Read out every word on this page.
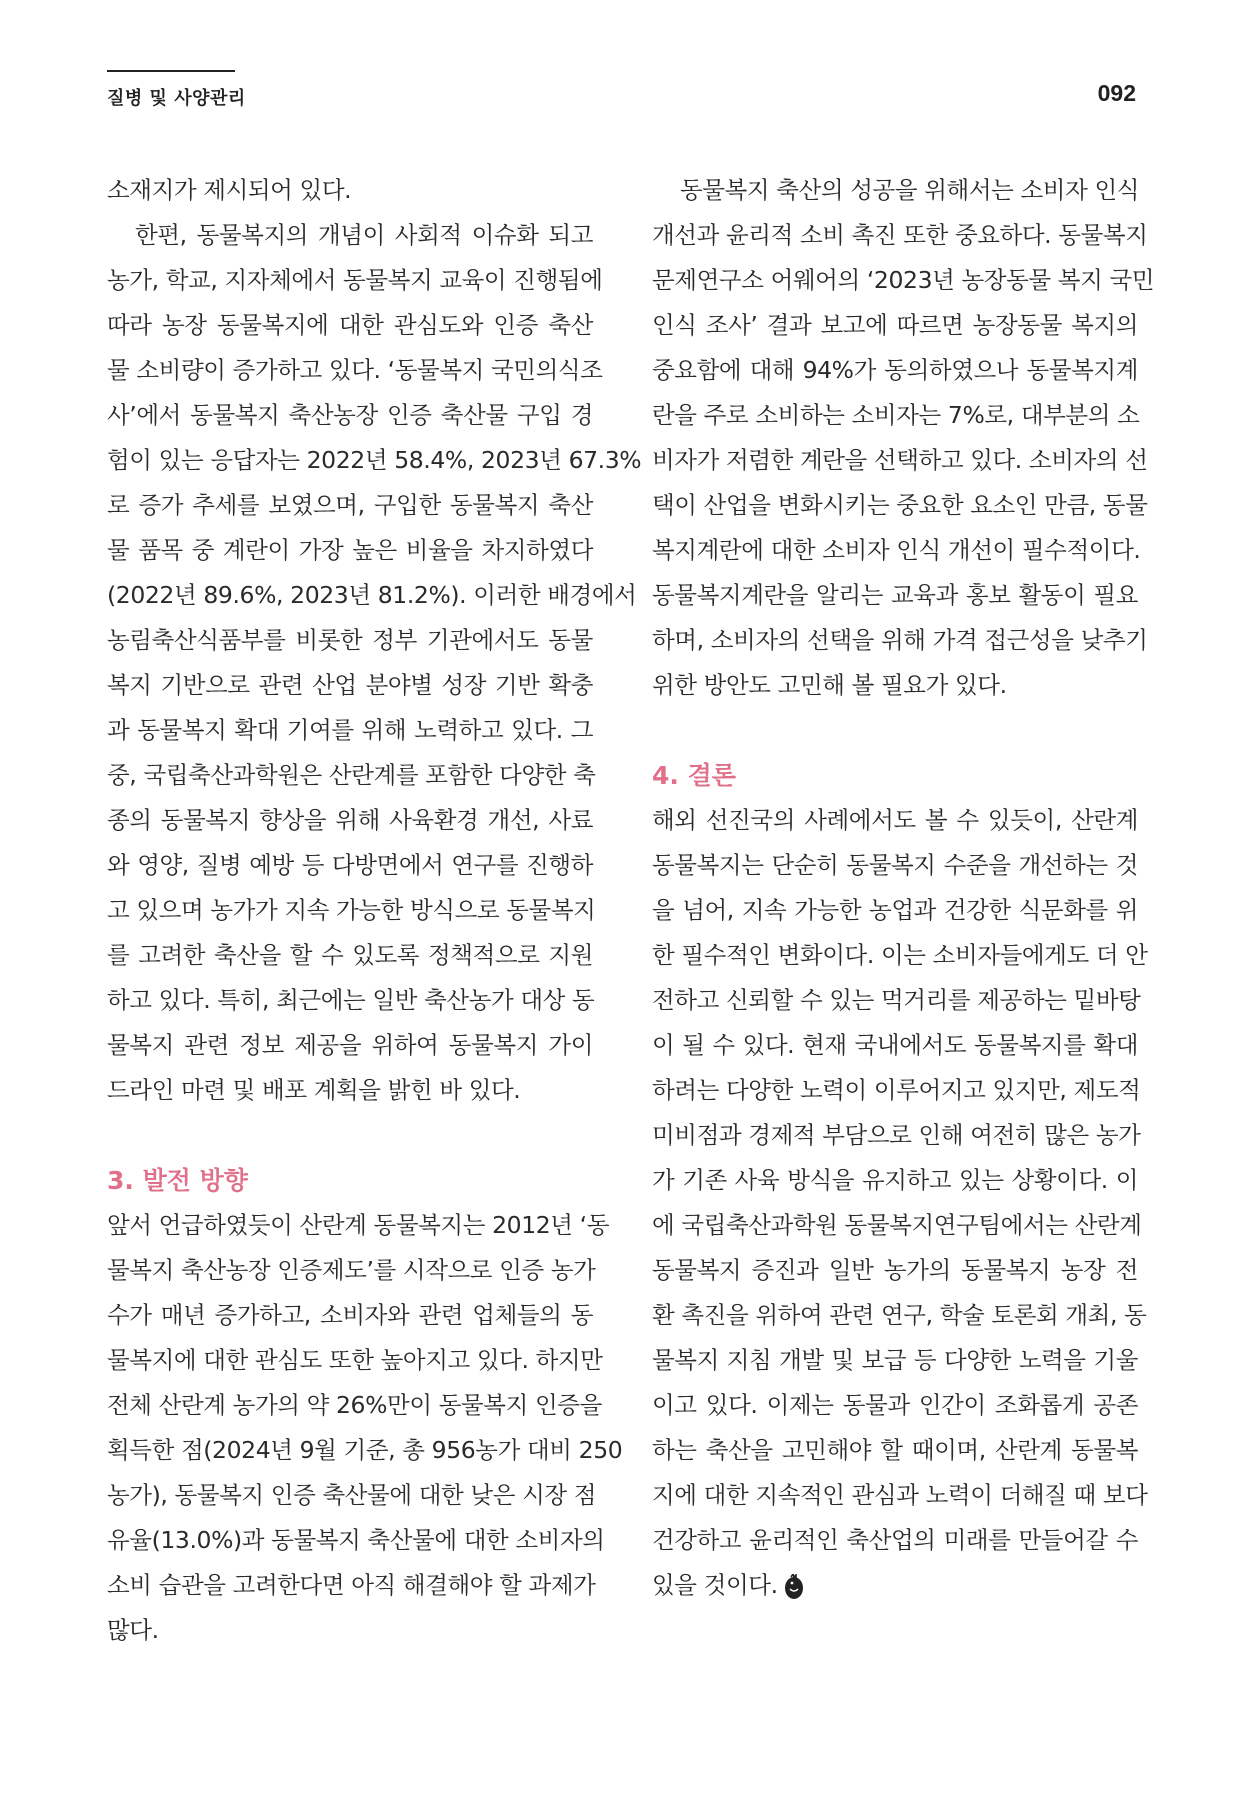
질병 및 사양관리	092
소재지가 제시되어 있다.
한편, 동물복지의 개념이 사회적 이슈화 되고
농가, 학교, 지자체에서 동물복지 교육이 진행됨에
따라 농장 동물복지에 대한 관심도와 인증 축산
물 소비량이 증가하고 있다. ‘동물복지 국민의식조
사’에서 동물복지 축산농장 인증 축산물 구입 경
험이 있는 응답자는 2022년 58.4%, 2023년 67.3%
로 증가 추세를 보였으며, 구입한 동물복지 축산
물 품목 중 계란이 가장 높은 비율을 차지하였다
(2022년 89.6%, 2023년 81.2%). 이러한 배경에서
농림축산식품부를 비롯한 정부 기관에서도 동물
복지 기반으로 관련 산업 분야별 성장 기반 확충
과 동물복지 확대 기여를 위해 노력하고 있다. 그
중, 국립축산과학원은 산란계를 포함한 다양한 축
종의 동물복지 향상을 위해 사육환경 개선, 사료
와 영양, 질병 예방 등 다방면에서 연구를 진행하
고 있으며 농가가 지속 가능한 방식으로 동물복지
를 고려한 축산을 할 수 있도록 정책적으로 지원
하고 있다. 특히, 최근에는 일반 축산농가 대상 동
물복지 관련 정보 제공을 위하여 동물복지 가이
드라인 마련 및 배포 계획을 밝힌 바 있다.
3. 발전 방향
앞서 언급하였듯이 산란계 동물복지는 2012년 ‘동
물복지 축산농장 인증제도’를 시작으로 인증 농가
수가 매년 증가하고, 소비자와 관련 업체들의 동
물복지에 대한 관심도 또한 높아지고 있다. 하지만
전체 산란계 농가의 약 26%만이 동물복지 인증을
획득한 점(2024년 9월 기준, 총 956농가 대비 250
농가), 동물복지 인증 축산물에 대한 낮은 시장 점
유율(13.0%)과 동물복지 축산물에 대한 소비자의
소비 습관을 고려한다면 아직 해결해야 할 과제가
많다.
동물복지 축산의 성공을 위해서는 소비자 인식
개선과 윤리적 소비 촉진 또한 중요하다. 동물복지
문제연구소 어웨어의 ‘2023년 농장동물 복지 국민
인식 조사’ 결과 보고에 따르면 농장동물 복지의
중요함에 대해 94%가 동의하였으나 동물복지계
란을 주로 소비하는 소비자는 7%로, 대부분의 소
비자가 저렴한 계란을 선택하고 있다. 소비자의 선
택이 산업을 변화시키는 중요한 요소인 만큼, 동물
복지계란에 대한 소비자 인식 개선이 필수적이다.
동물복지계란을 알리는 교육과 홍보 활동이 필요
하며, 소비자의 선택을 위해 가격 접근성을 낮추기
위한 방안도 고민해 볼 필요가 있다.
4. 결론
해외 선진국의 사례에서도 볼 수 있듯이, 산란계
동물복지는 단순히 동물복지 수준을 개선하는 것
을 넘어, 지속 가능한 농업과 건강한 식문화를 위
한 필수적인 변화이다. 이는 소비자들에게도 더 안
전하고 신뢰할 수 있는 먹거리를 제공하는 밑바탕
이 될 수 있다. 현재 국내에서도 동물복지를 확대
하려는 다양한 노력이 이루어지고 있지만, 제도적
미비점과 경제적 부담으로 인해 여전히 많은 농가
가 기존 사육 방식을 유지하고 있는 상황이다. 이
에 국립축산과학원 동물복지연구팀에서는 산란계
동물복지 증진과 일반 농가의 동물복지 농장 전
환 촉진을 위하여 관련 연구, 학술 토론회 개최, 동
물복지 지침 개발 및 보급 등 다양한 노력을 기울
이고 있다. 이제는 동물과 인간이 조화롭게 공존
하는 축산을 고민해야 할 때이며, 산란계 동물복
지에 대한 지속적인 관심과 노력이 더해질 때 보다
건강하고 윤리적인 축산업의 미래를 만들어갈 수
있을 것이다.
